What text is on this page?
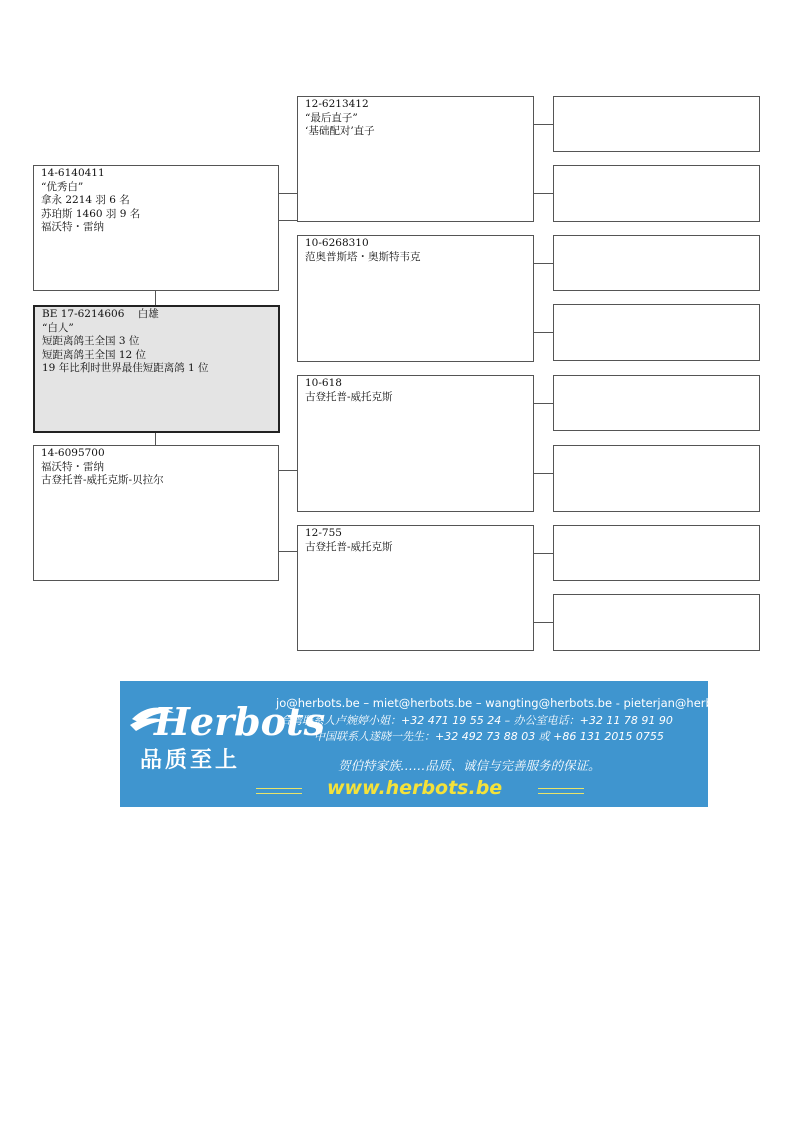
14-6140411
“优秀白”
拿永 2214 羽 6 名
苏珀斯 1460 羽 9 名
福沃特・雷纳
BE 17-6214606    白雄
“白人”
短距离鸽王全国 3 位
短距离鸽王全国 12 位
19 年比利时世界最佳短距离鸽 1 位
14-6095700
福沃特・雷纳
古登托普-威托克斯-贝拉尔
12-6213412
“最后直子”
‘基础配对’直子
10-6268310
范奥普斯塔・奥斯特韦克
10-618
古登托普-威托克斯
12-755
古登托普-威托克斯
Herbots
品质至上
jo@herbots.be – miet@herbots.be – wangting@herbots.be - pieterjan@herbots.be
台湾联系人卢婉婷小姐：+32 471 19 55 24 – 办公室电话：+32 11 78 91 90
中国联系人遂晓一先生：+32 492 73 88 03 或 +86 131 2015 0755
贺伯特家族……品质、诚信与完善服务的保证。
www.herbots.be
